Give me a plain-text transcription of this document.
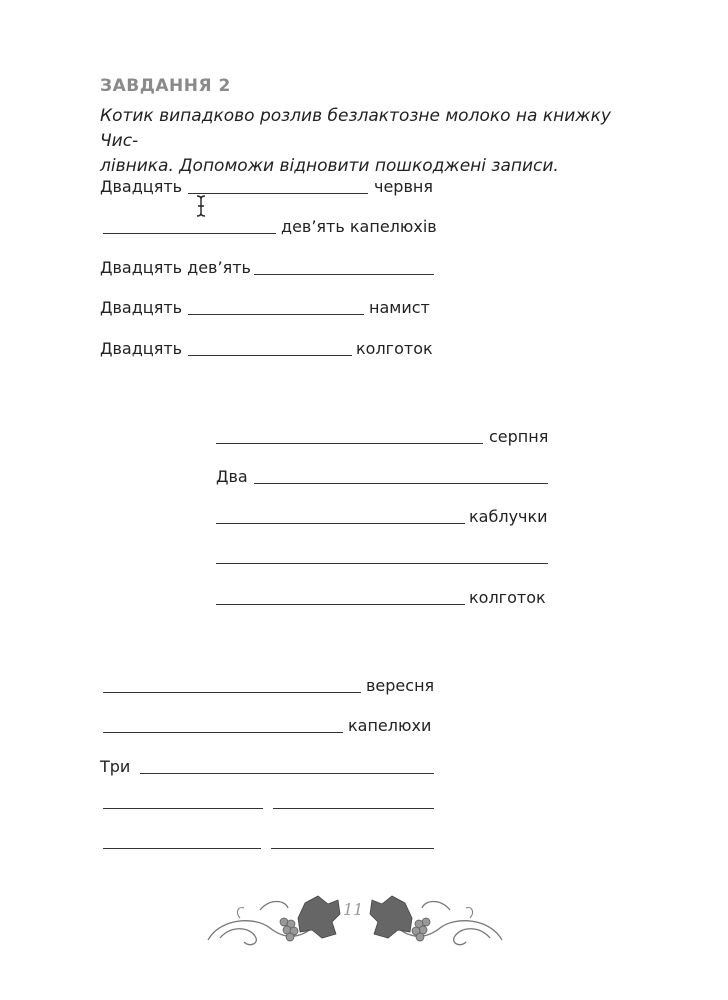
ЗАВДАННЯ 2
Котик випадково розлив безлактозне молоко на книжку Чис-
лівника. Допоможи відновити пошкоджені записи.
Двадцять	червня
дев’ять капелюхів
Двадцять дев’ять
Двадцять	намист
Двадцять	колготок
серпня
Два
каблучки
колготок
вересня
капелюхи
Три
11
